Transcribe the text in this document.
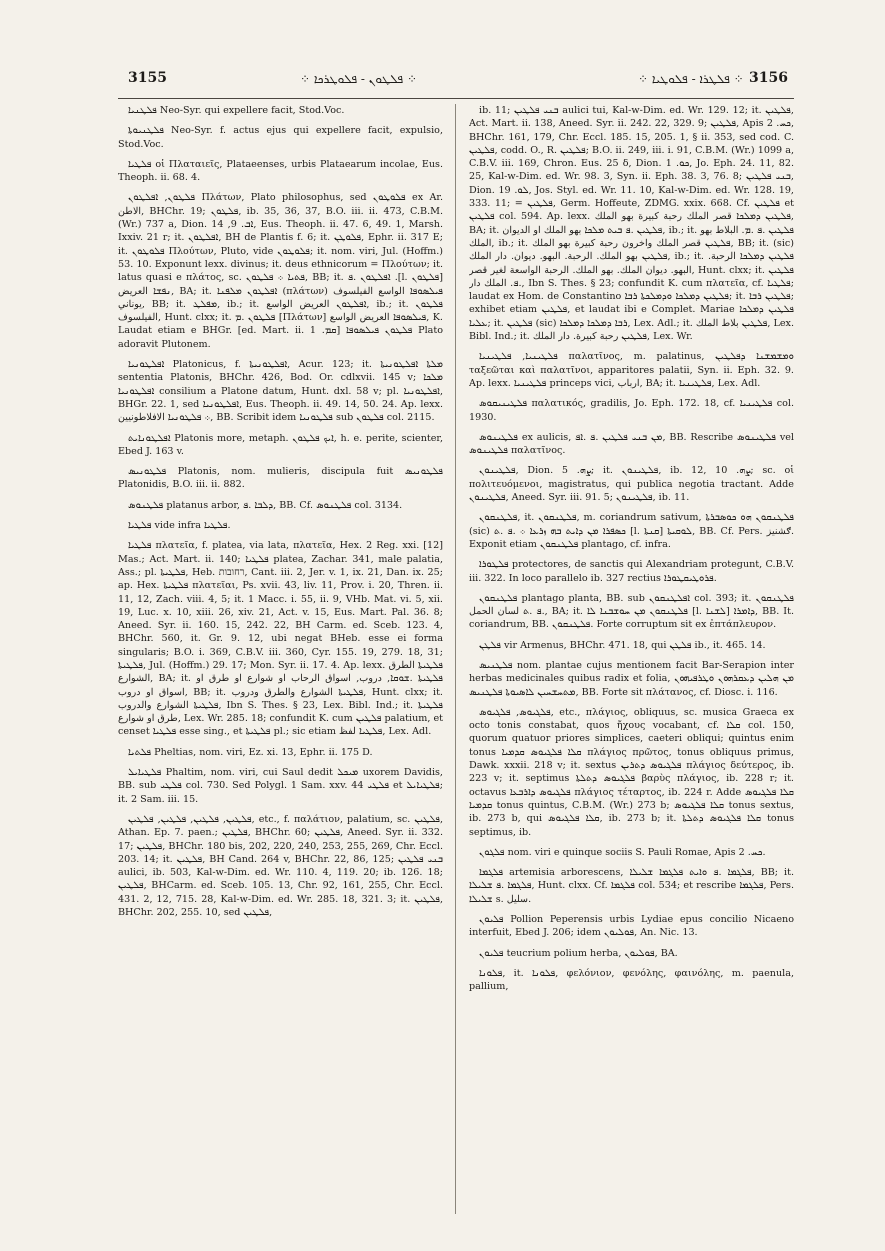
3155	⁘ ܦܠܛܘܢ - ܦܠܘܛܪܟܐ ⁘	⁘ ܦܠܛܪܐ - ܦܠܘܛܝܐ ⁘ 3156

ܦܠܛܢܝܐ Neo-Syr. qui expellere facit, Stod.Voc.

ܦܠܛܢܝܘܬܐ Neo-Syr. f. actus ejus qui expellere facit, expulsio, Stod.Voc.

ܦܠܛܝܐ οἱ Πλαταιεῖς, Plataeenses, urbis Plataearum incolae, Eus. Theoph. ii. 68. 4.

ܦܠܛܘܢ, ܐܦܠܛܘܢ Πλάτων, Plato philosophus, sed ܦܠܘܛܘܢ ex Ar. الاطن, BHChr. 19; ܦܠܛܘܢ, ib. 35, 36, 37, B.O. iii. ii. 473, C.B.M. (Wr.) 737 a, Dion. ܐܒ. 9, 14, Eus. Theoph. ii. 47. 6, 49. 1, Marsh. Ixxiv. 21 r; it. ܐܦܠܛܘܢ, BH de Plantis f. 6; it. ܦܠܘܛܢ, Ephr. ii. 317 E; it. ܦܠܘܛܘܢ Πλούτων, Pluto, vide ܦܠܘܛܘܢ; it. nom. viri, Jul. (Hoffm.) 53. 10. Exponunt lexx. divinus; it. deus ethnicorum = Πλούτων; it. latus quasi e πλάτος, sc. ܦܬܝܐ ܀ ܦܠܛܘܢ, BB; it. ܐܦܠܛܘܢ .ܦ .[l. ܦܠܛܘܢ] ܢܦܫܐ العريض, BA; it. ܐܦܠܛܘܢ ܡܠܦܢܐ (πλάτων) ܦܝܠܣܘܦܐ الواسع الفيلسوف يوناني, BB; it. ܡܦܠܛ, ib.; it. ܐܦܠܛܘܢ العريض الواسع, ib.; it. ܦܠܛܘܢ الفيلسوف, Hunt. clxx; it. ܦܠܛܘܢ .ܡ [Πλάτων] ܦܝܠܣܘܦܐ العريض الواسع, K. Laudat etiam e BHGr. [ed. Mart. ii. ܩܡ. 1] ܦܠܛܘܢ ܦܝܠܣܘܦܐ Plato adoravit Plutonem.

ܐܦܠܛܘܢܝܐ Platonicus, f. ܐܦܠܛܘܢܝܬܐ, Acur. 123; it. ܡܠܬܐ ܐܦܠܛܘܢܝܬܐ sententia Platonis, BHChr. 426, Bod. Or. cdlxvii. 145 v; ܡܠܟܐ ܐܦܠܛܘܢܝܐ consilium a Platone datum, Hunt. dxl. 58 v; pl. ܐܦܠܛܘܢܝܐ, BHGr. 22. 1, sed ܐܦܠܛܘܢܝܐ, Eus. Theoph. ii. 49. 14, 50. 24. Ap. lexx. ܀ ܦܠܛܘܢܝܐ الافلاطونيين, BB. Scribit idem ܦܠܛܘܢܝܐ sub ܦܠܛܘܢ col. 2115.

ܐܦܠܛܘܢܐܝܬ Platonis more, metaph. ܐܝܟ ܦܠܛܘܢ, h. e. perite, scienter, Ebed J. 163 v.

ܦܠܛܘܢܝܣ Platonis, nom. mulieris, discipula fuit ܦܠܛܘܢܝܣ Platonidis, B.O. iii. ii. 882.

ܦܠܛܢܘܣ platanus arbor, ܕܠܒܐ .ܦ, BB. Cf. ܦܠܛܢܘܣ col. 3134.

ܦܠܛܝܐ vide infra ܦܠܛܝܐ.

ܦܠܛܝܐ πλατεῖα, f. platea, via lata, πλατεῖα, Hex. 2 Reg. xxi. [12] Mas.; Act. Mart. ii. 140; ܦܠܛܝܐ platea, Zachar. 341, male palatia, Ass.; pl. ܦܠܛܝܬܐ, Heb. רחובות, Cant. iii. 2, Jer. v. 1, ix. 21, Dan. ix. 25; ap. Hex. ܦܠܛܝܬܐ πλατεῖαι, Ps. xvii. 43, liv. 11, Prov. i. 20, Thren. ii. 11, 12, Zach. viii. 4, 5; it. 1 Macc. i. 55, ii. 9, VHb. Mat. vi. 5, xii. 19, Luc. x. 10, xiii. 26, xiv. 21, Act. v. 15, Eus. Mart. Pal. 36. 8; Aneed. Syr. ii. 160. 15, 242. 22, BH Carm. ed. Sceb. 123. 4, BHChr. 560, it. Gr. 9. 12, ubi negat BHeb. esse ei forma singularis; B.O. i. 369, C.B.V. iii. 360, Cyr. 155. 19, 279. 18, 31; ܦܠܛܝܬܐ, Jul. (Hoffm.) 29. 17; Mon. Syr. ii. 17. 4. Ap. lexx. ܦܠܛܝܬܐ الطرق الشوارع, BA; it. ܦܠܛܝܬܐ .ܫܘܩܐ, دروب, اسواق الرحاب او شوارع او طرق او اسواق او دروب, BB; it. ܦܠܛܝܬܐ الشوارع والطرق ودروب, Hunt. clxx; it. ܦܠܛܝܬܐ الشوارع والدروب, Ibn S. Thes. § 23, Lex. Bibl. Ind.; it. ܦܠܛܝܬܐ طرق او شوارع, Lex. Wr. 285. 18; confundit K. cum ܦܠܛܝܢ palatium, et censet ܦܠܛܝܐ esse sing., et ܦܠܛܝܬܐ pl.; sic etiam ܦܠܛܝܐ لفظ, Lex. Adl.

ܦܠܬܝܐ Pheltias, nom. viri, Ez. xi. 13, Ephr. ii. 175 D.

ܦܠܛܝܐܝܠ Phaltim, nom. viri, cui Saul dedit ܡܝܟܠ uxorem Davidis, BB. sub ܦܠܛܝ col. 730. Sed Polygl. 1 Sam. xxv. 44 ܦܠܛܝ et ܦܠܛܝܐܝܠ; it. 2 Sam. iii. 15.

ܦܠܛܝܢ, ܦܠܛܝܢ, ܦܠܛܝܢ, ܦܠܛܝܢ, etc., f. παλάτιον, palatium, sc. ܦܠܛܝܢ, Athan. Ep. 7. paen.; ܦܠܛܝܢ, BHChr. 60; ܦܠܛܝܢ, Aneed. Syr. ii. 332. 17; ܦܠܛܝܢ, BHChr. 180 bis, 202, 220, 240, 253, 255, 269, Chr. Eccl. 203. 14; it. ܦܠܛܝܢ, BH Cand. 264 v, BHChr. 22, 86, 125; ܒܢܝ ܦܠܛܝܢ aulici, ib. 503, Kal-w-Dim. ed. Wr. 110. 4, 119. 20; ib. 126. 18; ܦܠܛܝܢ, BHCarm. ed. Sceb. 105. 13, Chr. 92, 161, 255, Chr. Eccl. 431. 2, 12, 715. 28, Kal-w-Dim. ed. Wr. 285. 18, 321. 3; it. ܦܠܛܝܢ, BHChr. 202, 255. 10, sed ܦܠܛܝܢ,

ib. 11; ܒܢܝ ܦܠܛܝܢ aulici tui, Kal-w-Dim. ed. Wr. 129. 12; it. ܦܠܛܝܢ, Act. Mart. ii. 138, Aneed. Syr. ii. 242. 22, 329. 9; ܦܠܛܝܢ, Apis ܟܚ. 2, BHChr. 161, 179, Chr. Eccl. 185. 15, 205. 1, § ii. 353, sed cod. C. ܦܠܛܝܢ, codd. O., R. ܦܠܛܝܢ; B.O. ii. 249, iii. i. 91, C.B.M. (Wr.) 1099 a, C.B.V. iii. 169, Chron. Eus. 25 δ, Dion. ܟܘ. 1, Jo. Eph. 24. 11, 82. 25, Kal-w-Dim. ed. Wr. 98. 3, Syn. ii. Eph. 38. 3, 76. 8; ܒܢܝ ܦܠܛܝܢ, Dion. ܠܘ. 19, Jos. Styl. ed. Wr. 11. 10, Kal-w-Dim. ed. Wr. 128. 19, 333. 11; = ܦܠܛܝܢ, Germ. Hoffeute, ZDMG. xxix. 668. Cf. ܦܠܛܝܢ et ܦܠܛܝܢ col. 594. Ap. lexx. ܦܠܛܝܢ ܕܡܠܟܐ قصر الملك رحبة كبيرة بهو الملك, BA; it. ܦܠܛܝܢ .ܦ ܒܝܬ ܡܠܟܐ بهو الملك او الديوان, ib.; it. ܦܠܛܝܢ .ܦ .ܡ. البلاط بهو الملك, ib.; it. ܦܠܛܝܢ قصر الملك واخرون رحبة كبيرة بهو الملك, BB; it. (sic) ܦܠܛܝܢ بهو الملك. الرحبة. البهو. ديوان. دار الملك, ib.; it. ܦܠܛܝܢ ܕܡܠܟܐ الرحبة. البهو. ديوان الملك. بهو الملك. الرحبة الواسعة لغير قصر, Hunt. clxx; it. ܦܠܛܝܢ .ܦ. الملك دار, Ibn S. Thes. § 23; confundit K. cum πλατεῖα, cf. ܦܠܛܝܐ; laudat ex Hom. de Constantino ܦܠܛܝܢ ܕܡܠܟܐ ܘܕܡܠܟܬܐ ܪܒܐ; it. ܦܠܛܝܢ ܪܒܐ; exhibet etiam ܦܠܛܝܢ, et laudat ibi e Complet. Mariae ܦܠܛܝܢ ܕܡܠܟܐ ܥܠܝܐ; it. ܦܠܛܝܢ (sic) ܪܒܐ ܕܡܠܟܐ ܕܡܠܟܐ, Lex. Adl.; it. ܦܠܛܝܢ بلاط الملك, Lex. Bibl. Ind.; it. ܦܠܛܝܢ رحبة كبيرة. دار الملك, Lex. Wr.

ܦܠܛܝܢܝܐ, ܦܠܛܝܢܝܐ παλατῖνος, m. palatinus, ܘܡܫܡܫܢܐ ܕܦܠܛܝܢ ταξεῶται καὶ παλατῖνοι, apparitores palatii, Syn. ii. Eph. 32. 9. Ap. lexx. ܦܠܛܝܢܝܐ princeps vici, ارباب, BA; it. ܦܠܛܝܢܝܐ, Lex. Adl.

ܦܠܛܝܢܝܩܘܣ παλατικός, gradilis, Jo. Eph. 172. 18, cf. ܦܠܛܝܢܝܐ col. 1930.

ܦܠܛܝܢܘܣ ex aulicis, ܡܢ ܒܢܝ ܦܠܛܝܢ .ܦ .ܐܦ, BB. Rescribe ܦܠܛܝܢܘܣ vel ܦܠܛܝܢܘܣ παλατῖνος.

ܦܠܛܝܢܘܢ, Dion. ܨܗ. 5; it. ܦܠܛܝܢܘܢ, ib. 12, ܨܗ. 10; sc. οἱ πολιτευόμενοι, magistratus, qui publica negotia tractant. Adde ܦܠܛܝܢܘܢ, Aneed. Syr. iii. 91. 5; ܦܠܛܝܢܘܢ, ib. 11.

ܦܠܛܢܩܘܢ, it. ܦܠܛܢܩܘܢ, m. coriandrum sativum, ܦܠܛܢܩܘܢ ܗܘ ܟܘܣܒܪܬܐ (sic) ܟܣܦܪܐ ܡܢ ܕܐܝܬ ܒܗ ܙܪܥܐ ܀ .ܦ .ܬ [l. ܩܢܬܐ] ܠܘܩܝܬܐ, BB. Cf. Pers. ګشنیز. Exponit etiam ܦܠܛܢܩܘܢ plantago, cf. infra.

ܦܠܛܘܪܐ protectores, de sanctis qui Alexandriam protegunt, C.B.V. iii. 322. In loco parallelo ib. 327 rectius ܦܪܘܛܝܩܛܘܪܐ.

ܦܠܛܢܩܘܢ plantago planta, BB. sub ܐܦܠܛܢܩܘܢ col. 393; it. ܦܠܛܢܩܘܢ .ܦ .ܬ لسان الحمل, BA; it. ܦܠܛܢܩܘܢ ܡܢ ܚܘܫܒܢܐ ܠܐ [l. ܠܫܢܐ] ܕܐܡܪܐ, BB. It. coriandrum, BB. ܦܠܛܢܩܘܢ. Forte corruptum sit ex ἐπτάπλευρον.

ܦܠܛܢ vir Armenus, BHChr. 471. 18, qui ܦܠܛܢ ib., it. 465. 14.

ܦܠܛܢܝܣ nom. plantae cujus mentionem facit Bar-Serapion inter herbas medicinales quibus radix et folia, ܡܢ ܗܠܝܢ ܕܥܩܪܗܘܢ ܘܛܪܦܝܗܘܢ ܡܬܚܫܚܝܢ ܠܐܣܝܘܬܐ ܦܠܛܢܝܣ, BB. Forte sit πλάτανος, cf. Diosc. i. 116.

ܦܠܓܝܘܣ, ܦܠܓܝܘܣ, etc., πλάγιος, obliquus, sc. musica Graeca ex octo tonis constabat, quos ἤχους vocabant, cf. ܩܠܐ col. 150, quorum quatuor priores simplices, caeteri obliqui; quintus enim tonus ܩܠܐ ܦܠܓܝܘܣ ܩܕܡܝܐ πλάγιος πρῶτος, tonus obliquus primus, Dawk. xxxii. 218 v; it. sextus ܦܠܓܝܘܣ ܕܬܪܝܢ πλάγιος δεύτερος, ib. 223 v; it. septimus ܦܠܓܝܘܣ ܕܬܠܬܐ βαρὺς πλάγιος, ib. 228 r; it. octavus ܦܠܓܝܘܣ ܕܐܪܒܥܐ πλάγιος τέταρτος, ib. 224 r. Adde ܩܠܐ ܦܠܓܝܘܣ ܩܕܡܝܐ tonus quintus, C.B.M. (Wr.) 273 b; ܩܠܐ ܦܠܓܝܘܣ tonus sextus, ib. 273 b, qui ܩܠܐ ܦܠܓܝܘܣ, ib. 273 b; it. ܩܠܐ ܦܠܓܝܘܣ ܕܬܠܬܐ tonus septimus, ib.

ܦܠܓܘܢ nom. viri e quinque sociis S. Pauli Romae, Apis ܟܚ. 2.

ܦܠܓܡܐ artemisia arborescens, ܦܠܓܡܐ .ܦ ܘܐܝܬ ܦܠܓܡܐ ܫܠܝܠܐ, BB; it. ܦܠܓܡܐ .ܦ ܫܠܝܠܐ, Hunt. clxx. Cf. ܦܠܓܡܐ col. 534; et rescribe ܦܠܓܡܐ, Pers. ܫܠܝܠܐ s. سلیل.

ܦܠܝܘܢ Pollion Peperensis urbis Lydiae epus concilio Nicaeno interfuit, Ebed J. 206; idem ܦܘܠܝܘܢ, An. Nic. 13.

ܦܠܝܘܢ teucrium polium herba, ܦܘܠܝܘܢ, BA.

ܦܠܘܢܐ, it. ܦܠܘܢܐ, φελόνιον, φενόλης, φαινόλης, m. paenula, pallium,
